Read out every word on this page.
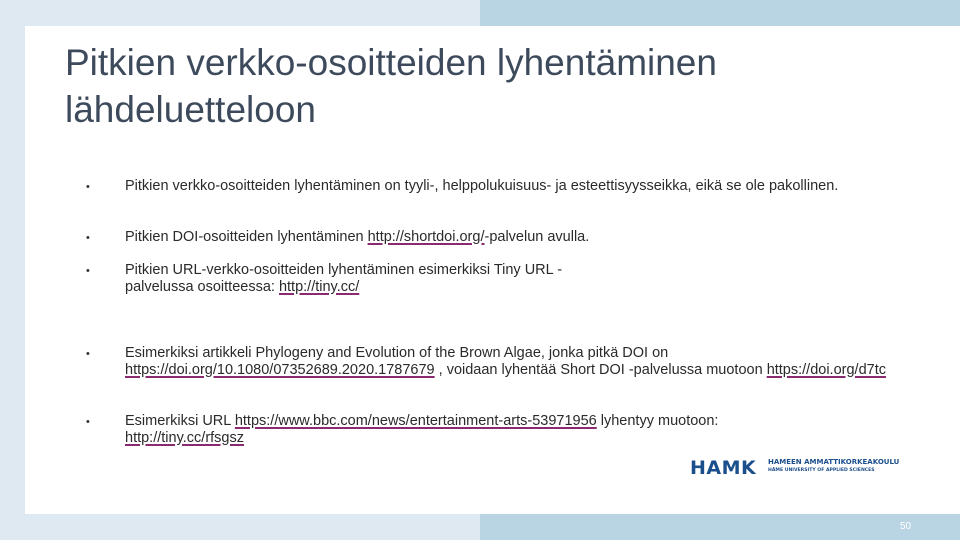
Pitkien verkko-osoitteiden lyhentäminen lähdeluetteloon
•	Pitkien verkko-osoitteiden lyhentäminen on tyyli-, helppolukuisuus- ja esteettisyysseikka, eikä se ole pakollinen.
•	Pitkien DOI-osoitteiden lyhentäminen http://shortdoi.org/-palvelun avulla.
•	Pitkien URL-verkko-osoitteiden lyhentäminen esimerkiksi Tiny URL -palvelussa osoitteessa: http://tiny.cc/
•	Esimerkiksi artikkeli Phylogeny and Evolution of the Brown Algae, jonka pitkä DOI on https://doi.org/10.1080/07352689.2020.1787679 , voidaan lyhentää Short DOI -palvelussa muotoon https://doi.org/d7tc
•	Esimerkiksi URL https://www.bbc.com/news/entertainment-arts-53971956 lyhentyy muotoon: http://tiny.cc/rfsgsz
HAMK HAMEEN AMMATTIKORKEAKOULU
HÄME UNIVERSITY OF APPLIED SCIENCES
50
